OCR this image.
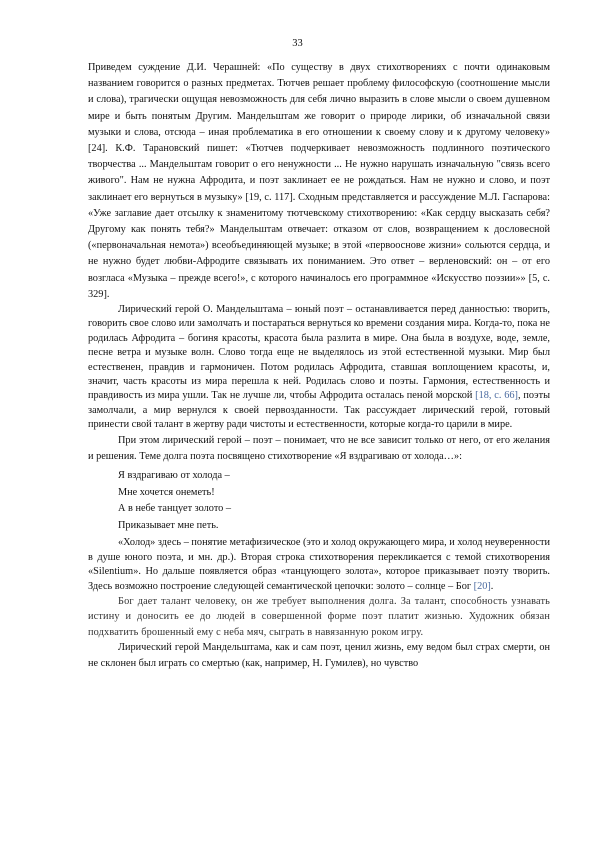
33

Приведем суждение Д.И. Черашней: «По существу в двух стихотворениях с почти одинаковым названием говорится о разных предметах. Тютчев решает проблему философскую (соотношение мысли и слова), трагически ощущая невозможность для себя лично выразить в слове мысли о своем душевном мире и быть понятым Другим. Мандельштам же говорит о природе лирики, об изначальной связи музыки и слова, отсюда – иная проблематика в его отношении к своему слову и к другому человеку» [24]. К.Ф. Тарановский пишет: «Тютчев подчеркивает невозможность подлинного поэтического творчества ... Мандельштам говорит о его ненужности ... Не нужно нарушать изначальную "связь всего живого". Нам не нужна Афродита, и поэт заклинает ее не рождаться. Нам не нужно и слово, и поэт заклинает его вернуться в музыку» [19, с. 117]. Сходным представляется и рассуждение М.Л. Гаспарова: «Уже заглавие дает отсылку к знаменитому тютчевскому стихотворению: «Как сердцу высказать себя? Другому как понять тебя?» Мандельштам отвечает: отказом от слов, возвращением к дословесной («первоначальная немота») всеобъединяющей музыке; в этой «первооснове жизни» сольются сердца, и не нужно будет любви-Афродите связывать их пониманием. Это ответ – верленовский: он – от его возгласа «Музыка – прежде всего!», с которого начиналось его программное «Искусство поэзии»» [5, с. 329].

Лирический герой О. Мандельштама – юный поэт – останавливается перед данностью: творить, говорить свое слово или замолчать и постараться вернуться ко времени создания мира. Когда-то, пока не родилась Афродита – богиня красоты, красота была разлита в мире. Она была в воздухе, воде, земле, песне ветра и музыке волн. Слово тогда еще не выделялось из этой естественной музыки. Мир был естественен, правдив и гармоничен. Потом родилась Афродита, ставшая воплощением красоты, и, значит, часть красоты из мира перешла к ней. Родилась слово и поэты. Гармония, естественность и правдивость из мира ушли. Так не лучше ли, чтобы Афродита осталась пеной морской [18, с. 66], поэты замолчали, а мир вернулся к своей первозданности. Так рассуждает лирический герой, готовый принести свой талант в жертву ради чистоты и естественности, которые когда-то царили в мире.

При этом лирический герой – поэт – понимает, что не все зависит только от него, от его желания и решения. Теме долга поэта посвящено стихотворение «Я вздрагиваю от холода…»:

Я вздрагиваю от холода –

Мне хочется онеметь!

А в небе танцует золото –

Приказывает мне петь.

«Холод» здесь – понятие метафизическое (это и холод окружающего мира, и холод неуверенности в душе юного поэта, и мн. др.). Вторая строка стихотворения перекликается с темой стихотворения «Silentium». Но дальше появляется образ «танцующего золота», которое приказывает поэту творить. Здесь возможно построение следующей семантической цепочки: золото – солнце – Бог [20].

Бог дает талант человеку, он же требует выполнения долга. За талант, способность узнавать истину и доносить ее до людей в совершенной форме поэт платит жизнью. Художник обязан подхватить брошенный ему с неба мяч, сыграть в навязанную роком игру.

Лирический герой Мандельштама, как и сам поэт, ценил жизнь, ему ведом был страх смерти, он не склонен был играть со смертью (как, например, Н. Гумилев), но чувство
